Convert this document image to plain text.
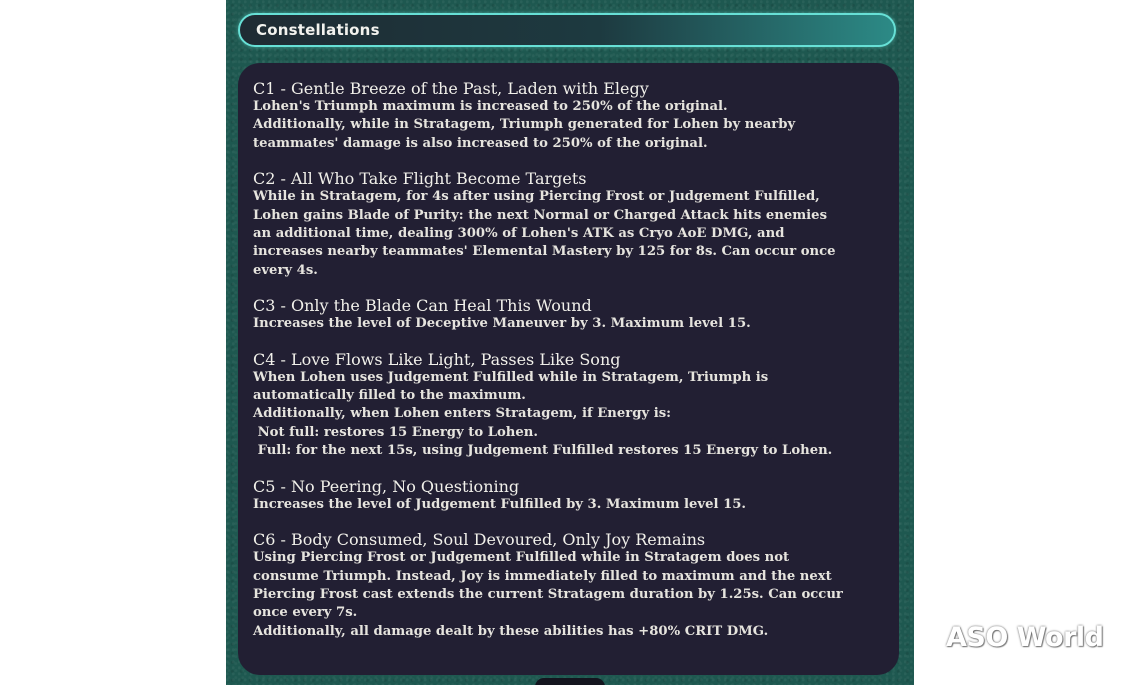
Constellations
C1 - Gentle Breeze of the Past, Laden with Elegy
Lohen's Triumph maximum is increased to 250% of the original.
Additionally, while in Stratagem, Triumph generated for Lohen by nearby
teammates' damage is also increased to 250% of the original.
C2 - All Who Take Flight Become Targets
While in Stratagem, for 4s after using Piercing Frost or Judgement Fulfilled,
Lohen gains Blade of Purity: the next Normal or Charged Attack hits enemies
an additional time, dealing 300% of Lohen's ATK as Cryo AoE DMG, and
increases nearby teammates' Elemental Mastery by 125 for 8s. Can occur once
every 4s.
C3 - Only the Blade Can Heal This Wound
Increases the level of Deceptive Maneuver by 3. Maximum level 15.
C4 - Love Flows Like Light, Passes Like Song
When Lohen uses Judgement Fulfilled while in Stratagem, Triumph is
automatically filled to the maximum.
Additionally, when Lohen enters Stratagem, if Energy is:
Not full: restores 15 Energy to Lohen.
Full: for the next 15s, using Judgement Fulfilled restores 15 Energy to Lohen.
C5 - No Peering, No Questioning
Increases the level of Judgement Fulfilled by 3. Maximum level 15.
C6 - Body Consumed, Soul Devoured, Only Joy Remains
Using Piercing Frost or Judgement Fulfilled while in Stratagem does not
consume Triumph. Instead, Joy is immediately filled to maximum and the next
Piercing Frost cast extends the current Stratagem duration by 1.25s. Can occur
once every 7s.
Additionally, all damage dealt by these abilities has +80% CRIT DMG.	ASO World
